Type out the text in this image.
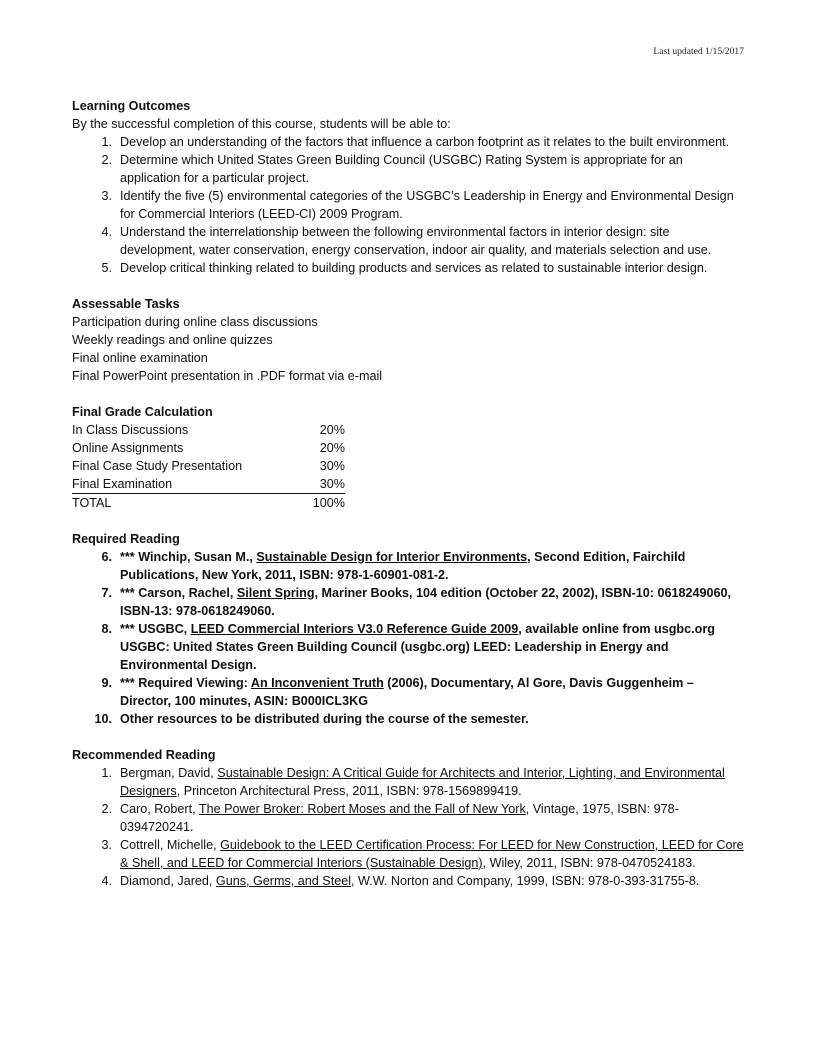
Last updated 1/15/2017
Learning Outcomes
By the successful completion of this course, students will be able to:
1. Develop an understanding of the factors that influence a carbon footprint as it relates to the built environment.
2. Determine which United States Green Building Council (USGBC) Rating System is appropriate for an application for a particular project.
3. Identify the five (5) environmental categories of the USGBC’s Leadership in Energy and Environmental Design for Commercial Interiors (LEED-CI) 2009 Program.
4. Understand the interrelationship between the following environmental factors in interior design: site development, water conservation, energy conservation, indoor air quality, and materials selection and use.
5. Develop critical thinking related to building products and services as related to sustainable interior design.
Assessable Tasks
Participation during online class discussions
Weekly readings and online quizzes
Final online examination
Final PowerPoint presentation in .PDF format via e-mail
Final Grade Calculation
In Class Discussions	20%
Online Assignments	20%
Final Case Study Presentation	30%
Final Examination	30%
TOTAL	100%
Required Reading
6. *** Winchip, Susan M., Sustainable Design for Interior Environments, Second Edition, Fairchild Publications, New York, 2011, ISBN: 978-1-60901-081-2.
7. *** Carson, Rachel, Silent Spring, Mariner Books, 104 edition (October 22, 2002), ISBN-10: 0618249060, ISBN-13: 978-0618249060.
8. *** USGBC, LEED Commercial Interiors V3.0 Reference Guide 2009, available online from usgbc.org USGBC: United States Green Building Council (usgbc.org) LEED: Leadership in Energy and Environmental Design.
9. *** Required Viewing: An Inconvenient Truth (2006), Documentary, Al Gore, Davis Guggenheim – Director, 100 minutes, ASIN: B000ICL3KG
10. Other resources to be distributed during the course of the semester.
Recommended Reading
1. Bergman, David, Sustainable Design: A Critical Guide for Architects and Interior, Lighting, and Environmental Designers, Princeton Architectural Press, 2011, ISBN: 978-1569899419.
2. Caro, Robert, The Power Broker: Robert Moses and the Fall of New York, Vintage, 1975, ISBN: 978-0394720241.
3. Cottrell, Michelle, Guidebook to the LEED Certification Process: For LEED for New Construction, LEED for Core & Shell, and LEED for Commercial Interiors (Sustainable Design), Wiley, 2011, ISBN: 978-0470524183.
4. Diamond, Jared, Guns, Germs, and Steel, W.W. Norton and Company, 1999, ISBN: 978-0-393-31755-8.
